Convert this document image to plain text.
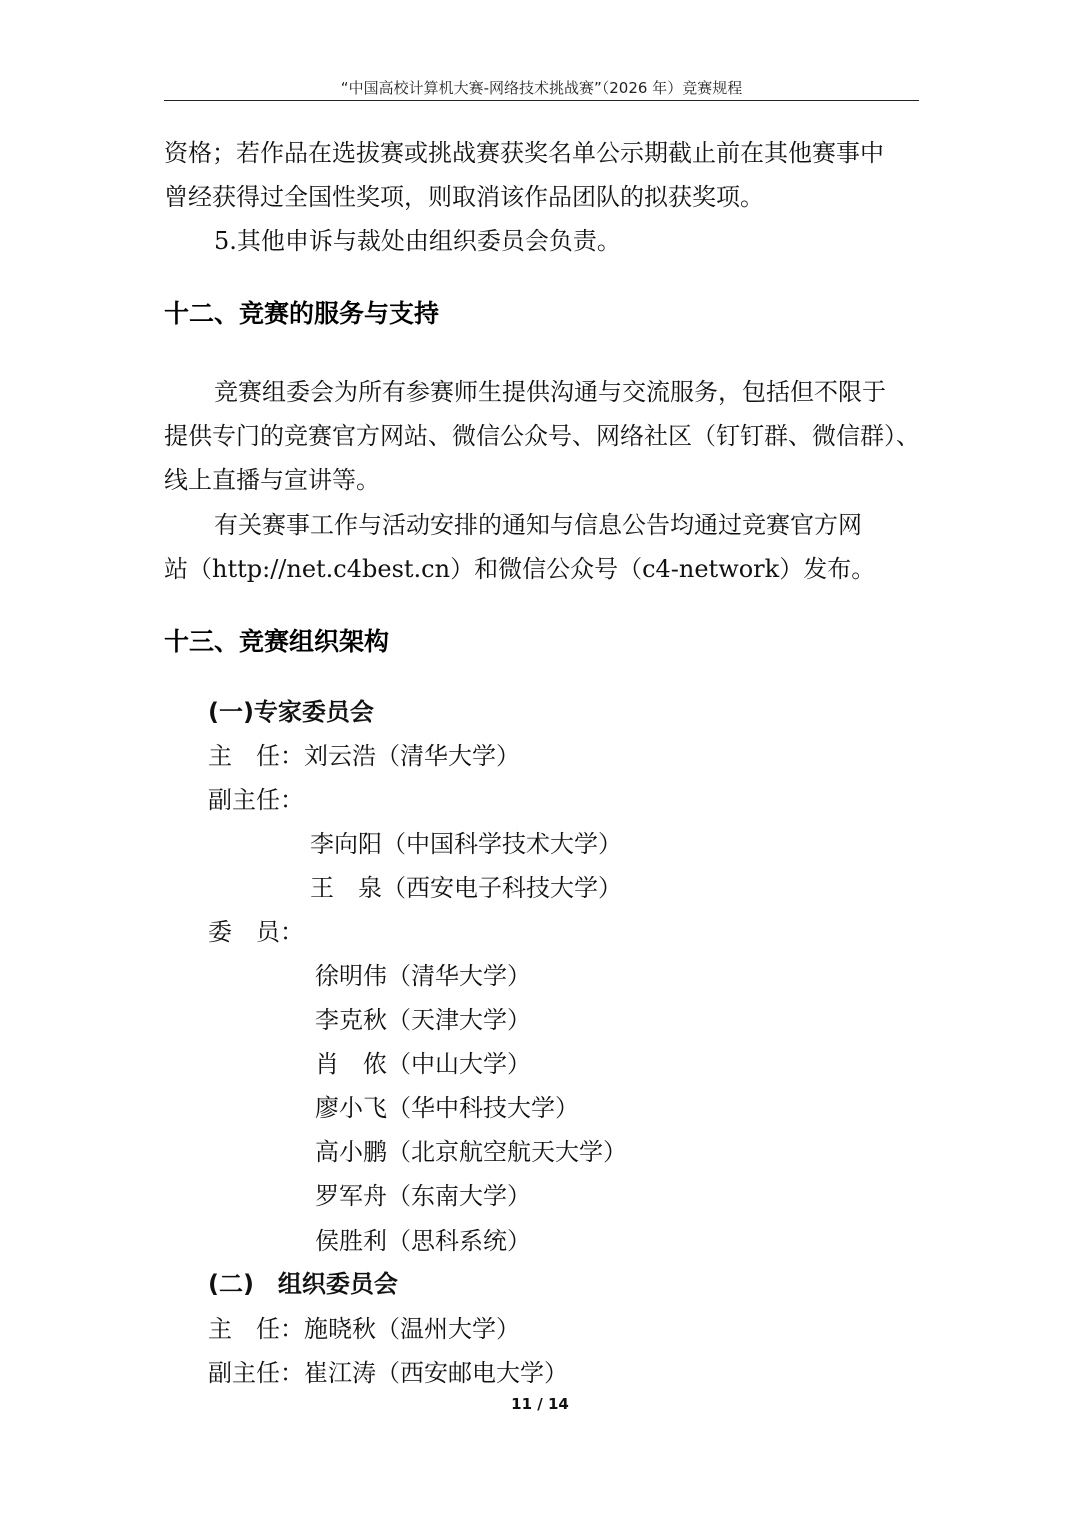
“中国高校计算机大赛-网络技术挑战赛”（2026 年）竞赛规程
资格；若作品在选拔赛或挑战赛获奖名单公示期截止前在其他赛事中
曾经获得过全国性奖项，则取消该作品团队的拟获奖项。
5.其他申诉与裁处由组织委员会负责。
十二、竞赛的服务与支持
竞赛组委会为所有参赛师生提供沟通与交流服务，包括但不限于
提供专门的竞赛官方网站、微信公众号、网络社区（钉钉群、微信群）、
线上直播与宣讲等。
有关赛事工作与活动安排的通知与信息公告均通过竞赛官方网
站（http://net.c4best.cn）和微信公众号（c4-network）发布。
十三、竞赛组织架构
(一)专家委员会
主　任：刘云浩（清华大学）
副主任：
李向阳（中国科学技术大学）
王　泉（西安电子科技大学）
委　员：
徐明伟（清华大学）
李克秋（天津大学）
肖　侬（中山大学）
廖小飞（华中科技大学）
高小鹏（北京航空航天大学）
罗军舟（东南大学）
侯胜利（思科系统）
(二)　组织委员会
主　任：施晓秋（温州大学）
副主任：崔江涛（西安邮电大学）
11 / 14
